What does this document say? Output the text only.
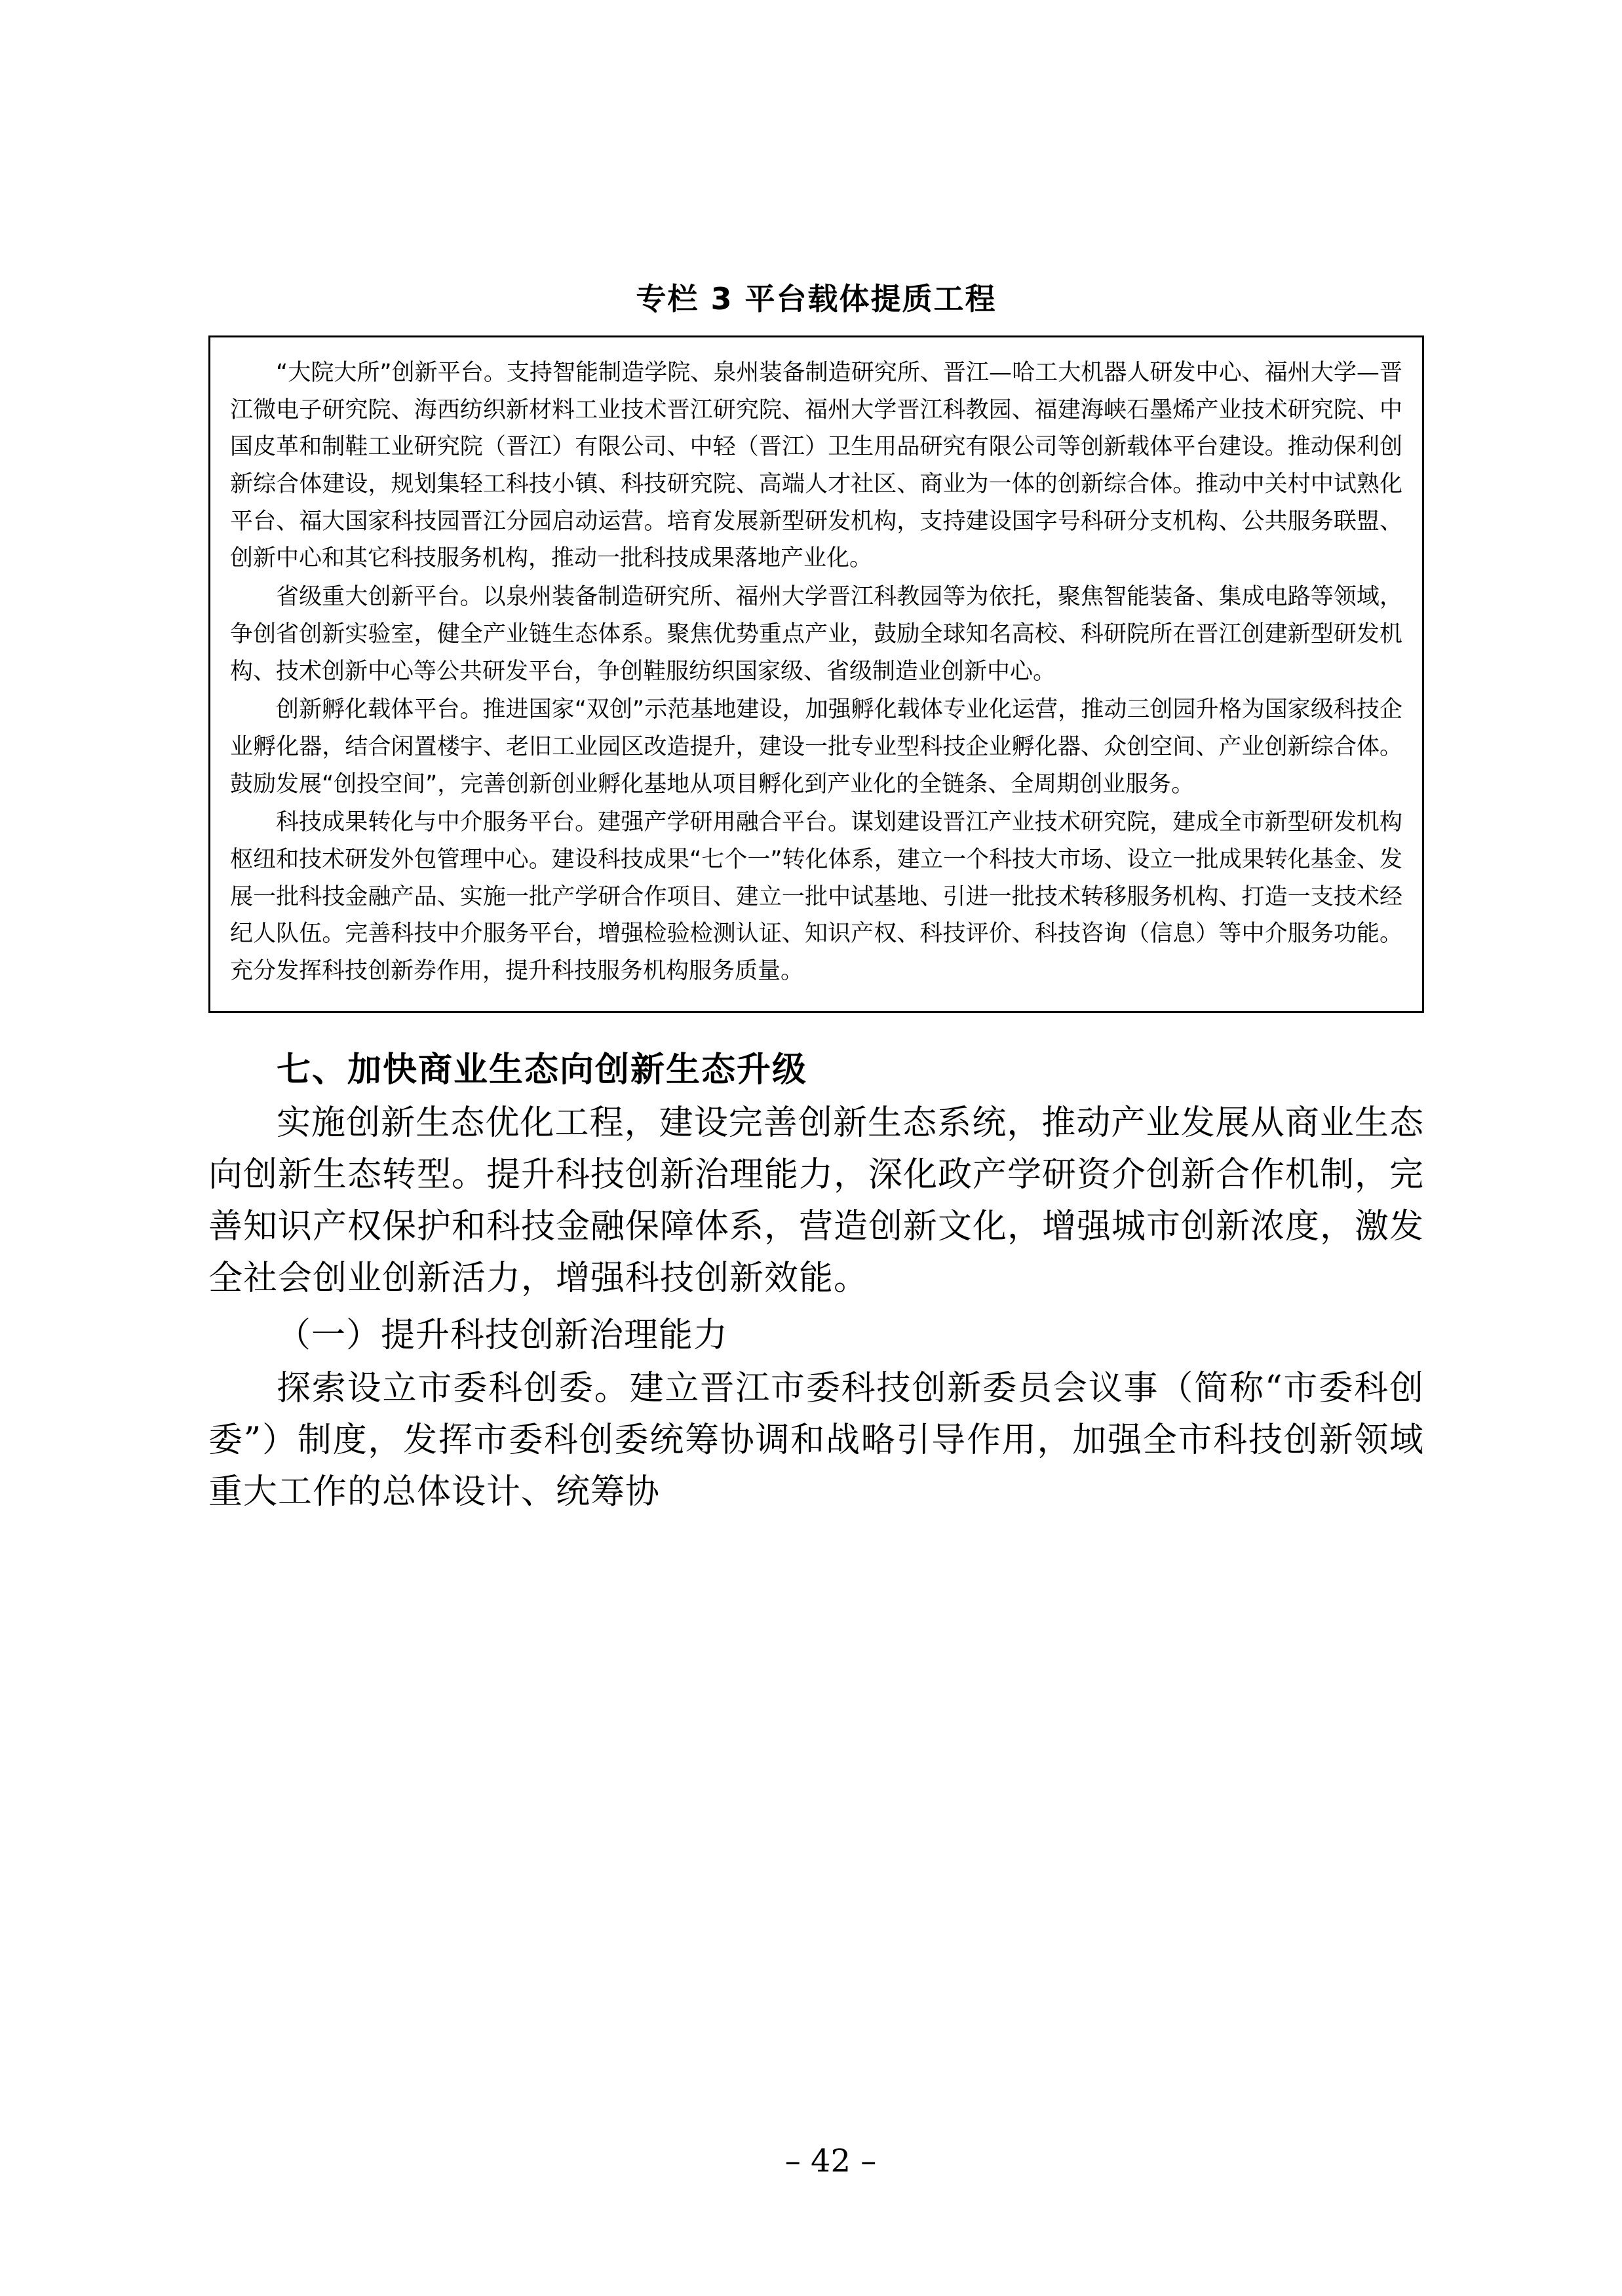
专栏 3 平台载体提质工程

“大院大所”创新平台。支持智能制造学院、泉州装备制造研究所、晋江—哈工大机器人研发中心、福州大学—晋江微电子研究院、海西纺织新材料工业技术晋江研究院、福州大学晋江科教园、福建海峡石墨烯产业技术研究院、中国皮革和制鞋工业研究院（晋江）有限公司、中轻（晋江）卫生用品研究有限公司等创新载体平台建设。推动保利创新综合体建设，规划集轻工科技小镇、科技研究院、高端人才社区、商业为一体的创新综合体。推动中关村中试熟化平台、福大国家科技园晋江分园启动运营。培育发展新型研发机构，支持建设国字号科研分支机构、公共服务联盟、创新中心和其它科技服务机构，推动一批科技成果落地产业化。

省级重大创新平台。以泉州装备制造研究所、福州大学晋江科教园等为依托，聚焦智能装备、集成电路等领域，争创省创新实验室，健全产业链生态体系。聚焦优势重点产业，鼓励全球知名高校、科研院所在晋江创建新型研发机构、技术创新中心等公共研发平台，争创鞋服纺织国家级、省级制造业创新中心。

创新孵化载体平台。推进国家“双创”示范基地建设，加强孵化载体专业化运营，推动三创园升格为国家级科技企业孵化器，结合闲置楼宇、老旧工业园区改造提升，建设一批专业型科技企业孵化器、众创空间、产业创新综合体。鼓励发展“创投空间”，完善创新创业孵化基地从项目孵化到产业化的全链条、全周期创业服务。

科技成果转化与中介服务平台。建强产学研用融合平台。谋划建设晋江产业技术研究院，建成全市新型研发机构枢纽和技术研发外包管理中心。建设科技成果“七个一”转化体系，建立一个科技大市场、设立一批成果转化基金、发展一批科技金融产品、实施一批产学研合作项目、建立一批中试基地、引进一批技术转移服务机构、打造一支技术经纪人队伍。完善科技中介服务平台，增强检验检测认证、知识产权、科技评价、科技咨询（信息）等中介服务功能。充分发挥科技创新券作用，提升科技服务机构服务质量。

七、加快商业生态向创新生态升级

实施创新生态优化工程，建设完善创新生态系统，推动产业发展从商业生态向创新生态转型。提升科技创新治理能力，深化政产学研资介创新合作机制，完善知识产权保护和科技金融保障体系，营造创新文化，增强城市创新浓度，激发全社会创业创新活力，增强科技创新效能。

（一）提升科技创新治理能力

探索设立市委科创委。建立晋江市委科技创新委员会议事（简称“市委科创委”）制度，发挥市委科创委统筹协调和战略引导作用，加强全市科技创新领域重大工作的总体设计、统筹协

– 42 –
